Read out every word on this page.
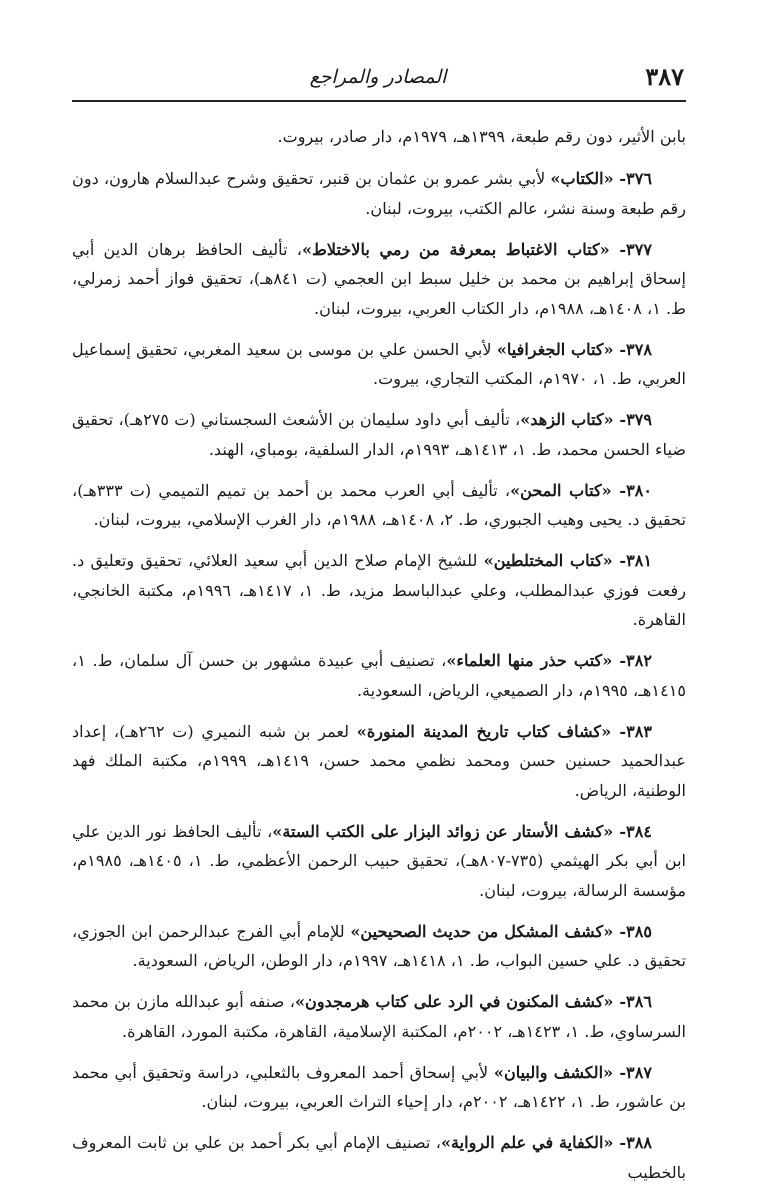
٣٨٧
المصادر والمراجع

بابن الأثير، دون رقم طبعة، ١٣٩٩هـ، ١٩٧٩م، دار صادر، بيروت.

٣٧٦- «الكتاب» لأبي بشر عمرو بن عثمان بن قنبر، تحقيق وشرح عبدالسلام هارون، دون رقم طبعة وسنة نشر، عالم الكتب، بيروت، لبنان.

٣٧٧- «كتاب الاغتباط بمعرفة من رمي بالاختلاط»، تأليف الحافظ برهان الدين أبي إسحاق إبراهيم بن محمد بن خليل سبط ابن العجمي (ت ٨٤١هـ)، تحقيق فواز أحمد زمرلي، ط. ١، ١٤٠٨هـ، ١٩٨٨م، دار الكتاب العربي، بيروت، لبنان.

٣٧٨- «كتاب الجغرافيا» لأبي الحسن علي بن موسى بن سعيد المغربي، تحقيق إسماعيل العربي، ط. ١، ١٩٧٠م، المكتب التجاري، بيروت.

٣٧٩- «كتاب الزهد»، تأليف أبي داود سليمان بن الأشعث السجستاني (ت ٢٧٥هـ)، تحقيق ضياء الحسن محمد، ط. ١، ١٤١٣هـ، ١٩٩٣م، الدار السلفية، بومباي، الهند.

٣٨٠- «كتاب المحن»، تأليف أبي العرب محمد بن أحمد بن تميم التميمي (ت ٣٣٣هـ)، تحقيق د. يحيى وهيب الجبوري، ط. ٢، ١٤٠٨هـ، ١٩٨٨م، دار الغرب الإسلامي، بيروت، لبنان.

٣٨١- «كتاب المختلطين» للشيخ الإمام صلاح الدين أبي سعيد العلائي، تحقيق وتعليق د. رفعت فوزي عبدالمطلب، وعلي عبدالباسط مزيد، ط. ١، ١٤١٧هـ، ١٩٩٦م، مكتبة الخانجي، القاهرة.

٣٨٢- «كتب حذر منها العلماء»، تصنيف أبي عبيدة مشهور بن حسن آل سلمان، ط. ١، ١٤١٥هـ، ١٩٩٥م، دار الصميعي، الرياض، السعودية.

٣٨٣- «كشاف كتاب تاريخ المدينة المنورة» لعمر بن شبه النميري (ت ٢٦٢هـ)، إعداد عبدالحميد حسنين حسن ومحمد نظمي محمد حسن، ١٤١٩هـ، ١٩٩٩م، مكتبة الملك فهد الوطنية، الرياض.

٣٨٤- «كشف الأستار عن زوائد البزار على الكتب الستة»، تأليف الحافظ نور الدين علي ابن أبي بكر الهيثمي (٧٣٥-٨٠٧هـ)، تحقيق حبيب الرحمن الأعظمي، ط. ١، ١٤٠٥هـ، ١٩٨٥م، مؤسسة الرسالة، بيروت، لبنان.

٣٨٥- «كشف المشكل من حديث الصحيحين» للإمام أبي الفرج عبدالرحمن ابن الجوزي، تحقيق د. علي حسين البواب، ط. ١، ١٤١٨هـ، ١٩٩٧م، دار الوطن، الرياض، السعودية.

٣٨٦- «كشف المكنون في الرد على كتاب هرمجدون»، صنفه أبو عبدالله مازن بن محمد السرساوي، ط. ١، ١٤٢٣هـ، ٢٠٠٢م، المكتبة الإسلامية، القاهرة، مكتبة المورد، القاهرة.

٣٨٧- «الكشف والبيان» لأبي إسحاق أحمد المعروف بالثعلبي، دراسة وتحقيق أبي محمد بن عاشور، ط. ١، ١٤٢٢هـ، ٢٠٠٢م، دار إحياء التراث العربي، بيروت، لبنان.

٣٨٨- «الكفاية في علم الرواية»، تصنيف الإمام أبي بكر أحمد بن علي بن ثابت المعروف بالخطيب
